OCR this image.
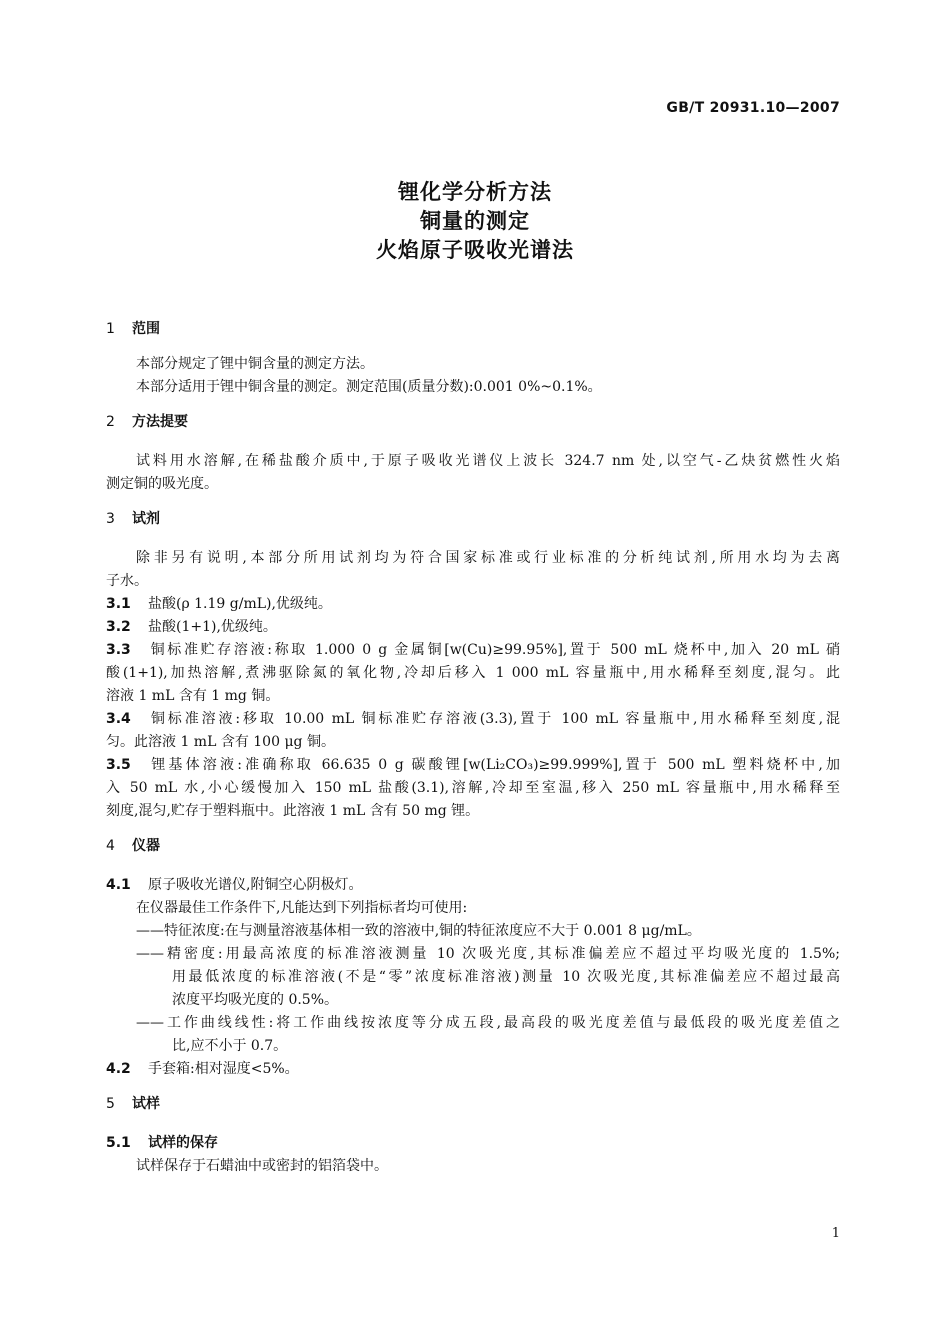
GB/T 20931.10—2007
锂化学分析方法
铜量的测定
火焰原子吸收光谱法
1 范围

本部分规定了锂中铜含量的测定方法。

本部分适用于锂中铜含量的测定。测定范围(质量分数):0.001 0%~0.1%。

2 方法提要

试料用水溶解,在稀盐酸介质中,于原子吸收光谱仪上波长 324.7 nm 处,以空气-乙炔贫燃性火焰

测定铜的吸光度。

3 试剂

除非另有说明,本部分所用试剂均为符合国家标准或行业标准的分析纯试剂,所用水均为去离

子水。

3.1 盐酸(ρ 1.19 g/mL),优级纯。

3.2 盐酸(1+1),优级纯。

3.3 铜标准贮存溶液:称取 1.000 0 g 金属铜[w(Cu)≥99.95%],置于 500 mL 烧杯中,加入 20 mL 硝

酸(1+1),加热溶解,煮沸驱除氮的氧化物,冷却后移入 1 000 mL 容量瓶中,用水稀释至刻度,混匀。此

溶液 1 mL 含有 1 mg 铜。

3.4 铜标准溶液:移取 10.00 mL 铜标准贮存溶液(3.3),置于 100 mL 容量瓶中,用水稀释至刻度,混

匀。此溶液 1 mL 含有 100 μg 铜。

3.5 锂基体溶液:准确称取 66.635 0 g 碳酸锂[w(Li₂CO₃)≥99.999%],置于 500 mL 塑料烧杯中,加

入 50 mL 水,小心缓慢加入 150 mL 盐酸(3.1),溶解,冷却至室温,移入 250 mL 容量瓶中,用水稀释至

刻度,混匀,贮存于塑料瓶中。此溶液 1 mL 含有 50 mg 锂。

4 仪器

4.1 原子吸收光谱仪,附铜空心阴极灯。

在仪器最佳工作条件下,凡能达到下列指标者均可使用:

——特征浓度:在与测量溶液基体相一致的溶液中,铜的特征浓度应不大于 0.001 8 μg/mL。

——精密度:用最高浓度的标准溶液测量 10 次吸光度,其标准偏差应不超过平均吸光度的 1.5%;

用最低浓度的标准溶液(不是“零”浓度标准溶液)测量 10 次吸光度,其标准偏差应不超过最高

浓度平均吸光度的 0.5%。

——工作曲线线性:将工作曲线按浓度等分成五段,最高段的吸光度差值与最低段的吸光度差值之

比,应不小于 0.7。

4.2 手套箱:相对湿度<5%。

5 试样

5.1 试样的保存

试样保存于石蜡油中或密封的铝箔袋中。

1
